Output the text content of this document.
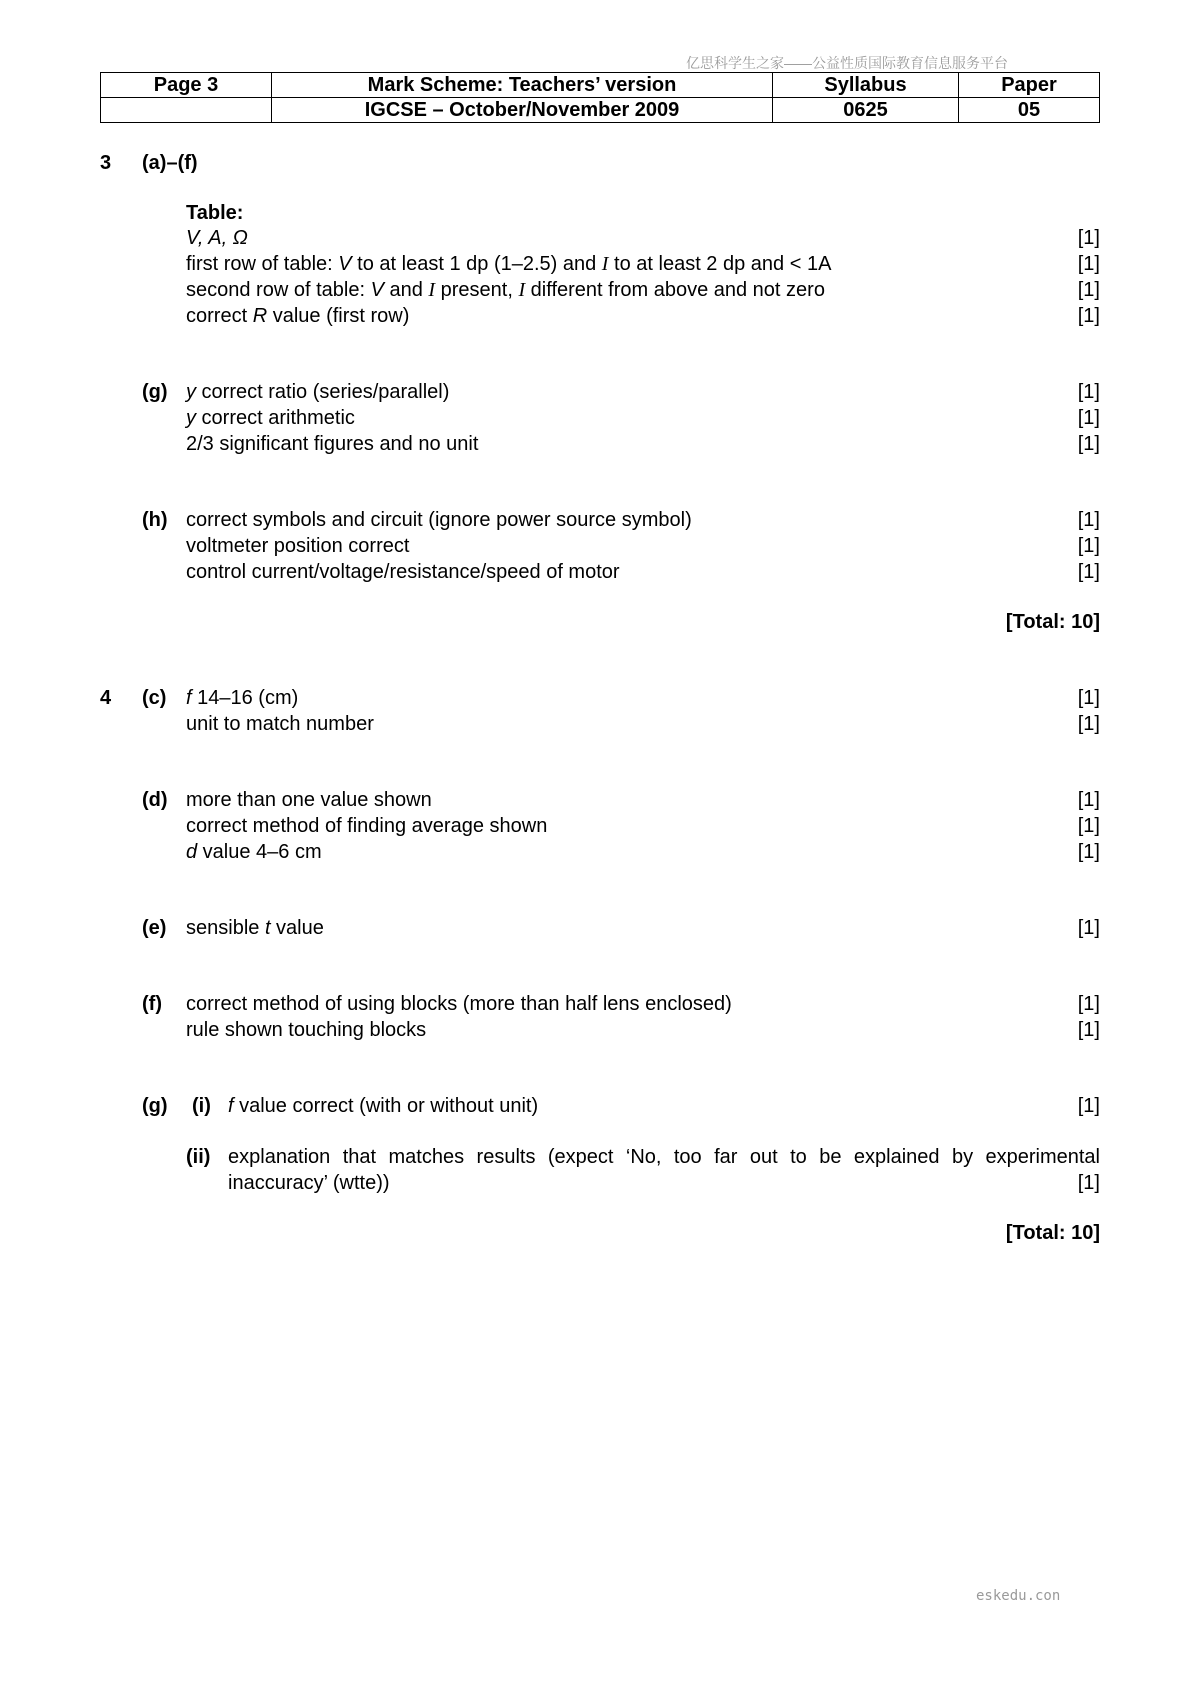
亿思科学生之家——公益性质国际教育信息服务平台
Page 3	Mark Scheme: Teachers’ version	Syllabus	Paper
	IGCSE – October/November 2009	0625	05
3 (a)–(f)
Table:
V, A, Ω	[1]
first row of table: V to at least 1 dp (1–2.5) and I to at least 2 dp and < 1A	[1]
second row of table: V and I present, I different from above and not zero	[1]
correct R value (first row)	[1]
(g) y correct ratio (series/parallel)	[1]
y correct arithmetic	[1]
2/3 significant figures and no unit	[1]
(h) correct symbols and circuit (ignore power source symbol)	[1]
voltmeter position correct	[1]
control current/voltage/resistance/speed of motor	[1]
[Total: 10]
4 (c) f 14–16 (cm)	[1]
unit to match number	[1]
(d) more than one value shown	[1]
correct method of finding average shown	[1]
d value 4–6 cm	[1]
(e) sensible t value	[1]
(f) correct method of using blocks (more than half lens enclosed)	[1]
rule shown touching blocks	[1]
(g) (i) f value correct (with or without unit)	[1]
(ii) explanation that matches results (expect ‘No, too far out to be explained by experimental
inaccuracy’ (wtte))	[1]
[Total: 10]
eskedu.con
